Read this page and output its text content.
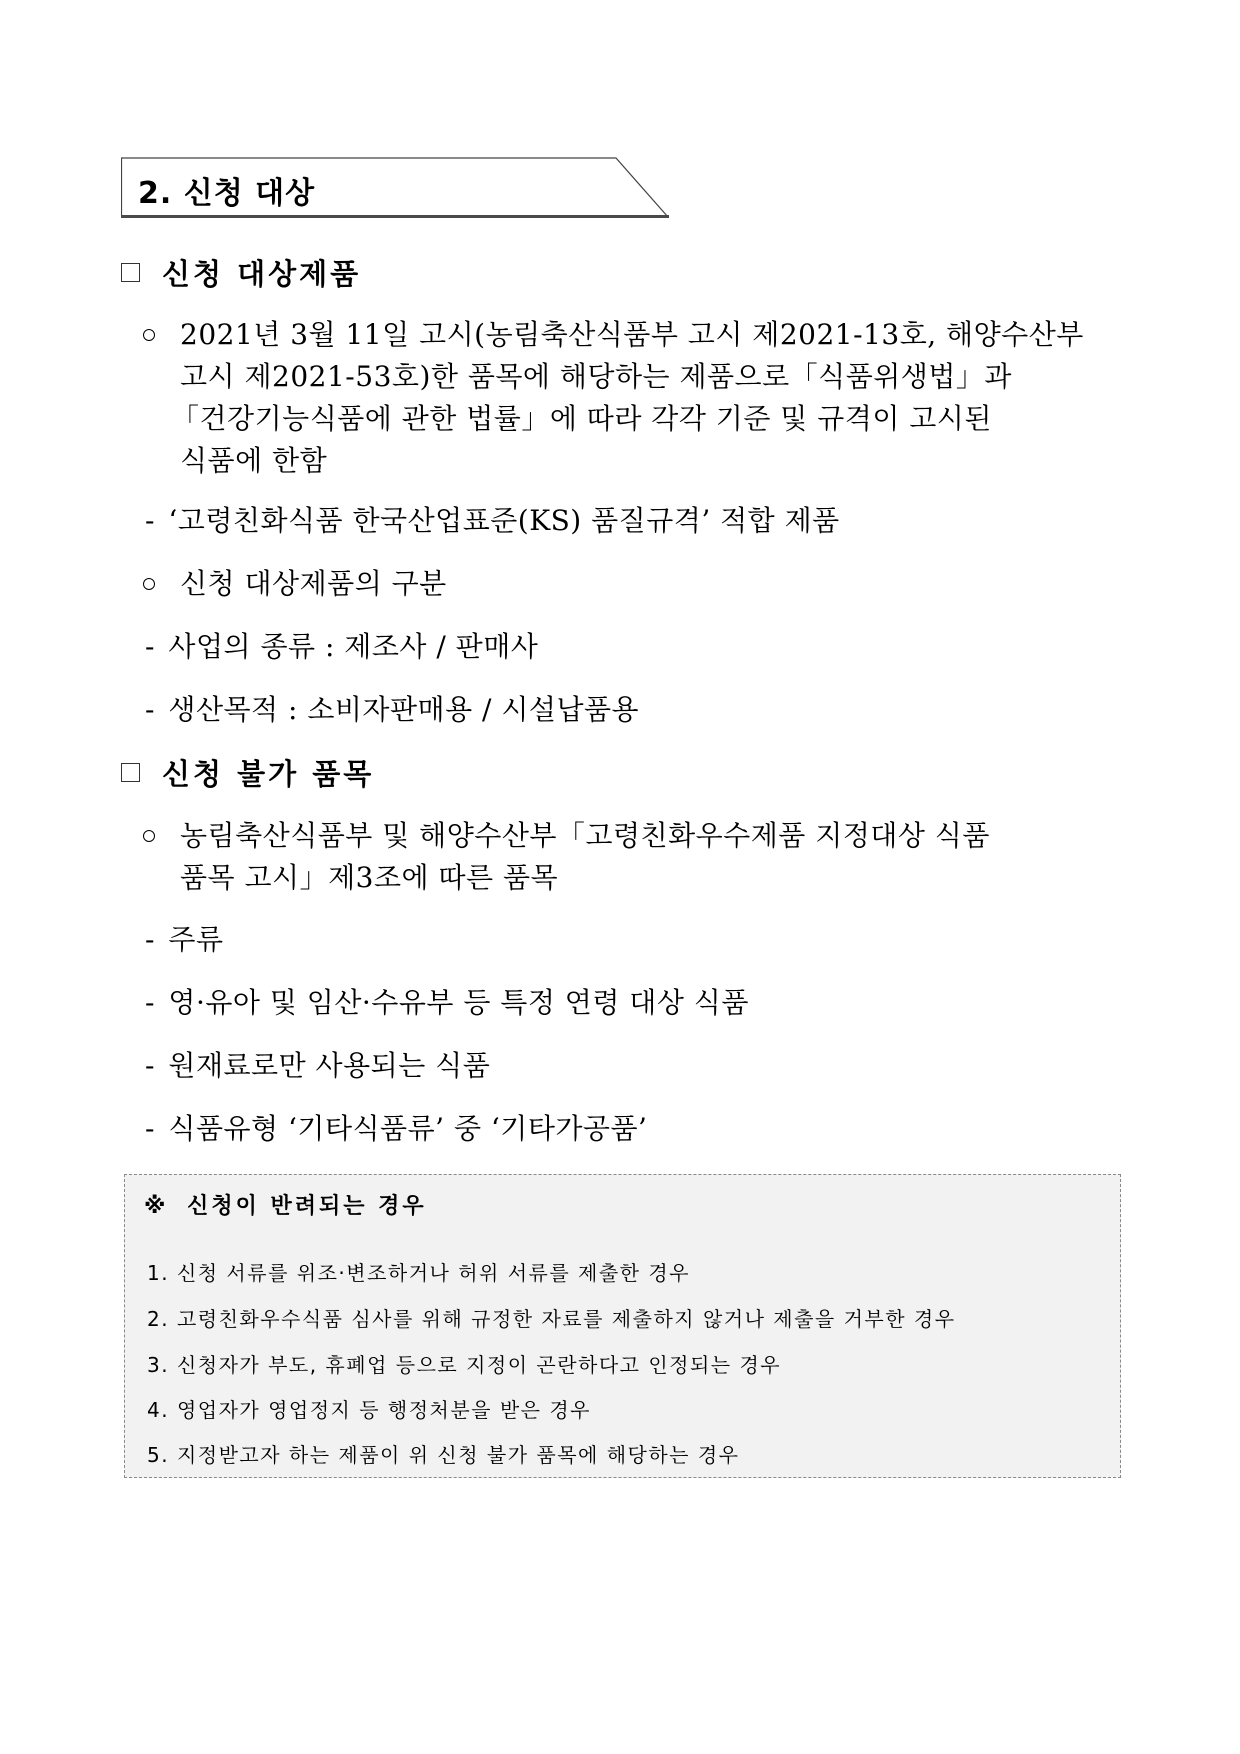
2. 신청 대상
신청 대상제품
2021년 3월 11일 고시(농림축산식품부 고시 제2021-13호, 해양수산부
고시 제2021-53호)한 품목에 해당하는 제품으로「식품위생법」과
「건강기능식품에 관한 법률」에 따라 각각 기준 및 규격이 고시된
식품에 한함
- ‘고령친화식품 한국산업표준(KS) 품질규격’ 적합 제품
신청 대상제품의 구분
- 사업의 종류 : 제조사 / 판매사
- 생산목적 : 소비자판매용 / 시설납품용
신청 불가 품목
농림축산식품부 및 해양수산부「고령친화우수제품 지정대상 식품
품목 고시」제3조에 따른 품목
- 주류
- 영·유아 및 임산·수유부 등 특정 연령 대상 식품
- 원재료로만 사용되는 식품
- 식품유형 ‘기타식품류’ 중 ‘기타가공품’
※ 신청이 반려되는 경우
1. 신청 서류를 위조·변조하거나 허위 서류를 제출한 경우
2. 고령친화우수식품 심사를 위해 규정한 자료를 제출하지 않거나 제출을 거부한 경우
3. 신청자가 부도, 휴폐업 등으로 지정이 곤란하다고 인정되는 경우
4. 영업자가 영업정지 등 행정처분을 받은 경우
5. 지정받고자 하는 제품이 위 신청 불가 품목에 해당하는 경우
